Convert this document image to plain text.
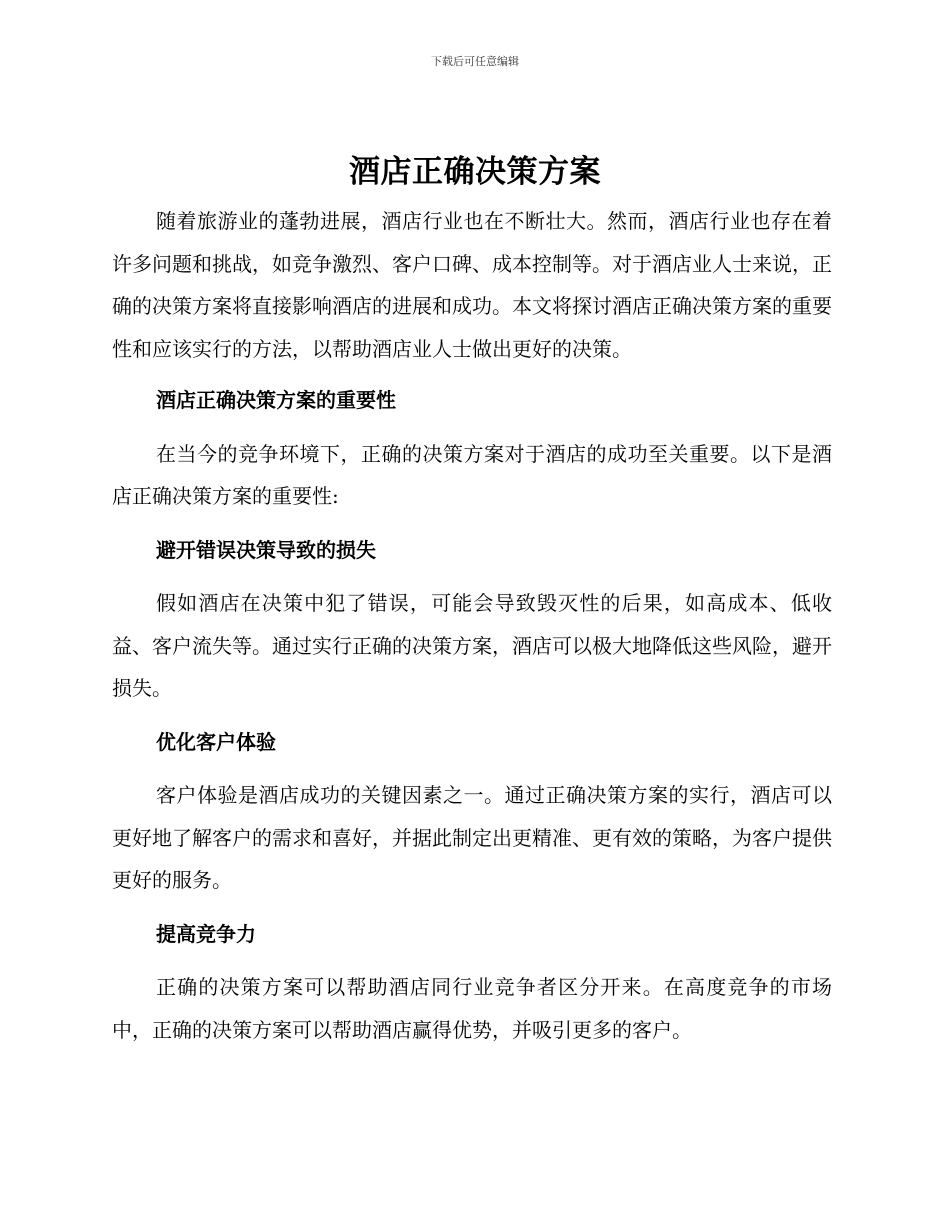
下载后可任意编辑
酒店正确决策方案

随着旅游业的蓬勃进展，酒店行业也在不断壮大。然而，酒店行业也存在着许多问题和挑战，如竞争激烈、客户口碑、成本控制等。对于酒店业人士来说，正确的决策方案将直接影响酒店的进展和成功。本文将探讨酒店正确决策方案的重要性和应该实行的方法，以帮助酒店业人士做出更好的决策。

酒店正确决策方案的重要性

在当今的竞争环境下，正确的决策方案对于酒店的成功至关重要。以下是酒店正确决策方案的重要性:

避开错误决策导致的损失

假如酒店在决策中犯了错误，可能会导致毁灭性的后果，如高成本、低收益、客户流失等。通过实行正确的决策方案，酒店可以极大地降低这些风险，避开损失。

优化客户体验

客户体验是酒店成功的关键因素之一。通过正确决策方案的实行，酒店可以更好地了解客户的需求和喜好，并据此制定出更精准、更有效的策略，为客户提供更好的服务。

提高竞争力

正确的决策方案可以帮助酒店同行业竞争者区分开来。在高度竞争的市场中，正确的决策方案可以帮助酒店赢得优势，并吸引更多的客户。
